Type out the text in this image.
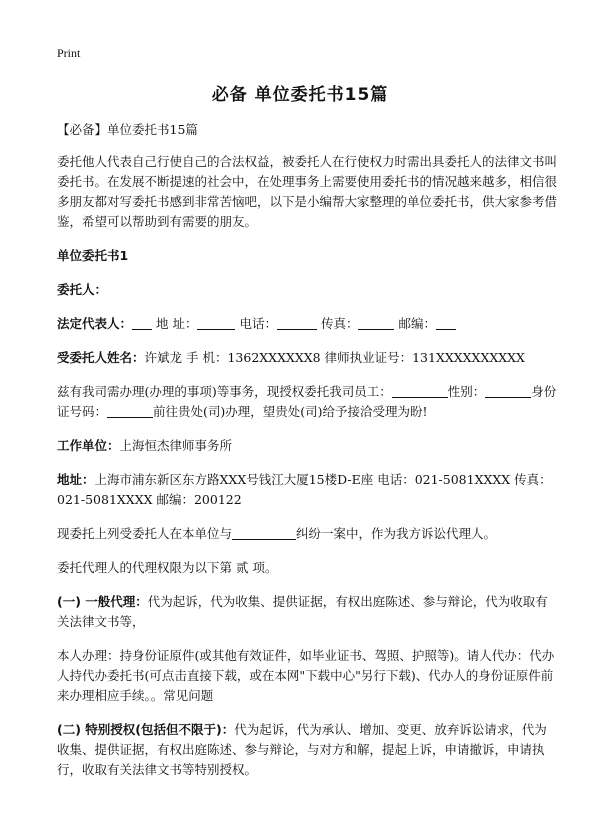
Print
必备 单位委托书15篇

【必备】单位委托书15篇

委托他人代表自己行使自己的合法权益，被委托人在行使权力时需出具委托人的法律文书叫委托书。在发展不断提速的社会中，在处理事务上需要使用委托书的情况越来越多，相信很多朋友都对写委托书感到非常苦恼吧，以下是小编帮大家整理的单位委托书，供大家参考借鉴，希望可以帮助到有需要的朋友。

单位委托书1

委托人：

法定代表人： 地 址：	电话：	传真：	邮编：

受委托人姓名：许斌龙 手 机：1362XXXXXX8 律师执业证号：131XXXXXXXXXX

兹有我司需办理(办理的事项)等事务，现授权委托我司员工：	性别：	身份证号码：	前往贵处(司)办理，望贵处(司)给予接洽受理为盼!

工作单位：上海恒杰律师事务所

地址：上海市浦东新区东方路XXX号钱江大厦15楼D-E座 电话：021-5081XXXX 传真：021-5081XXXX 邮编：200122

现委托上列受委托人在本单位与	纠纷一案中，作为我方诉讼代理人。

委托代理人的代理权限为以下第 贰 项。

(一) 一般代理：代为起诉，代为收集、提供证据，有权出庭陈述、参与辩论，代为收取有关法律文书等，

本人办理：持身份证原件(或其他有效证件，如毕业证书、驾照、护照等)。请人代办：代办人持代办委托书(可点击直接下载，或在本网"下载中心"另行下载)、代办人的身份证原件前来办理相应手续。。常见问题

(二) 特别授权(包括但不限于)：代为起诉，代为承认、增加、变更、放弃诉讼请求，代为收集、提供证据，有权出庭陈述、参与辩论，与对方和解，提起上诉，申请撤诉，申请执行，收取有关法律文书等特别授权。
